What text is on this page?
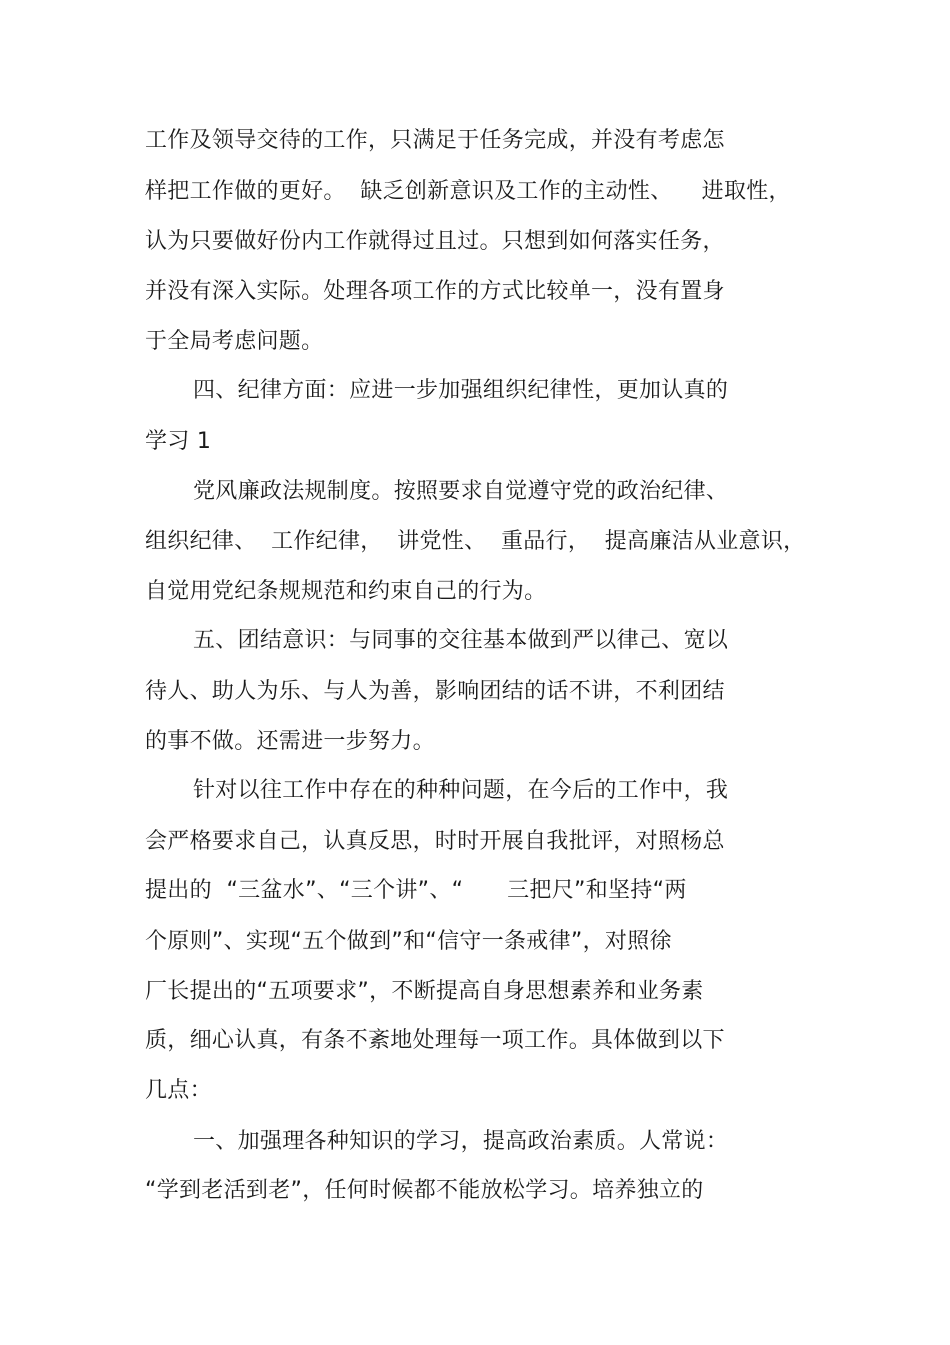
工作及领导交待的工作，只满足于任务完成，并没有考虑怎
样把工作做的更好。  缺乏创新意识及工作的主动性、    进取性，
认为只要做好份内工作就得过且过。只想到如何落实任务，
并没有深入实际。处理各项工作的方式比较单一，没有置身
于全局考虑问题。
四、纪律方面：应进一步加强组织纪律性，更加认真的
学习 1
党风廉政法规制度。按照要求自觉遵守党的政治纪律、
组织纪律、  工作纪律，  讲党性、  重品行，  提高廉洁从业意识，
自觉用党纪条规规范和约束自己的行为。
五、团结意识：与同事的交往基本做到严以律己、宽以
待人、助人为乐、与人为善，影响团结的话不讲，不利团结
的事不做。还需进一步努力。
针对以往工作中存在的种种问题，在今后的工作中，我
会严格要求自己，认真反思，时时开展自我批评，对照杨总
提出的  “三盆水”、“三个讲”、“      三把尺”和坚持“两
个原则”、实现“五个做到”和“信守一条戒律”，对照徐
厂长提出的“五项要求”，不断提高自身思想素养和业务素
质，细心认真，有条不紊地处理每一项工作。具体做到以下
几点：
一、加强理各种知识的学习，提高政治素质。人常说：
“学到老活到老”，任何时候都不能放松学习。培养独立的
